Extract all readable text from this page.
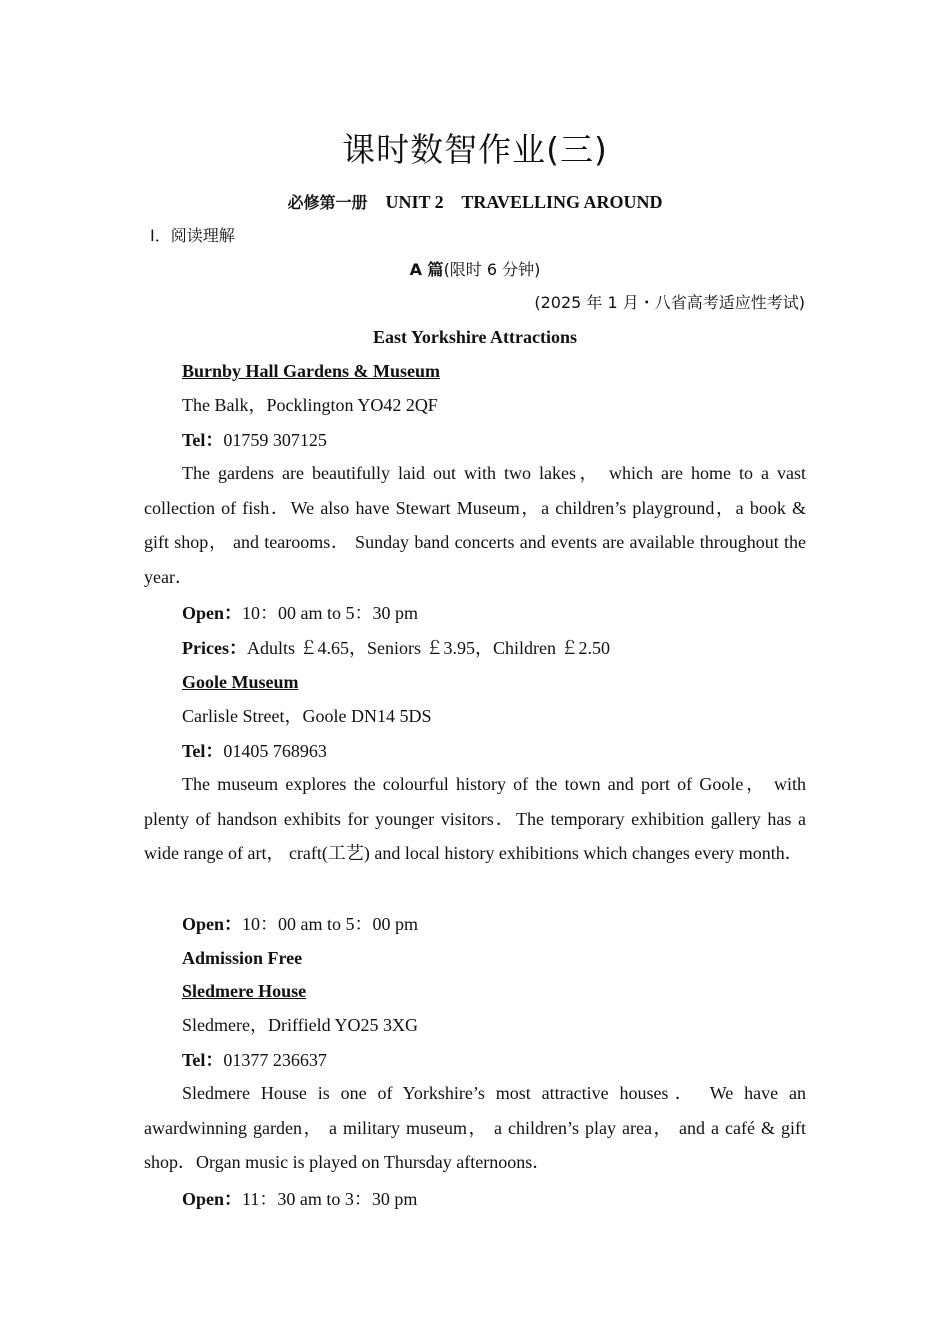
课时数智作业(三)
必修第一册 UNIT 2    TRAVELLING AROUND
Ⅰ．阅读理解
A 篇(限时 6 分钟)
(2025 年 1 月・八省高考适应性考试)
East Yorkshire Attractions
Burnby Hall Gardens & Museum
The Balk，Pocklington YO42 2QF
Tel：01759 307125

The gardens are beautifully laid out with two lakes， which are home to a vast collection of fish．We also have Stewart Museum，a children’s playground，a book & gift shop， and tearooms． Sunday band concerts and events are available throughout the year．

Open：10：00 am to 5：30 pm
Prices：Adults ￡4.65，Seniors ￡3.95，Children ￡2.50
Goole Museum
Carlisle Street，Goole DN14 5DS
Tel：01405 768963

The museum explores the colourful history of the town and port of Goole， with plenty of handson exhibits for younger visitors．The temporary exhibition gallery has a wide range of art， craft(工艺) and local history exhibitions which changes every month．

Open：10：00 am to 5：00 pm
Admission Free
Sledmere House
Sledmere，Driffield YO25 3XG
Tel：01377 236637

Sledmere House is one of Yorkshire’s most attractive houses． We have an awardwinning garden， a military museum， a children’s play area， and a café & gift shop．Organ music is played on Thursday afternoons．

Open：11：30 am to 3：30 pm
